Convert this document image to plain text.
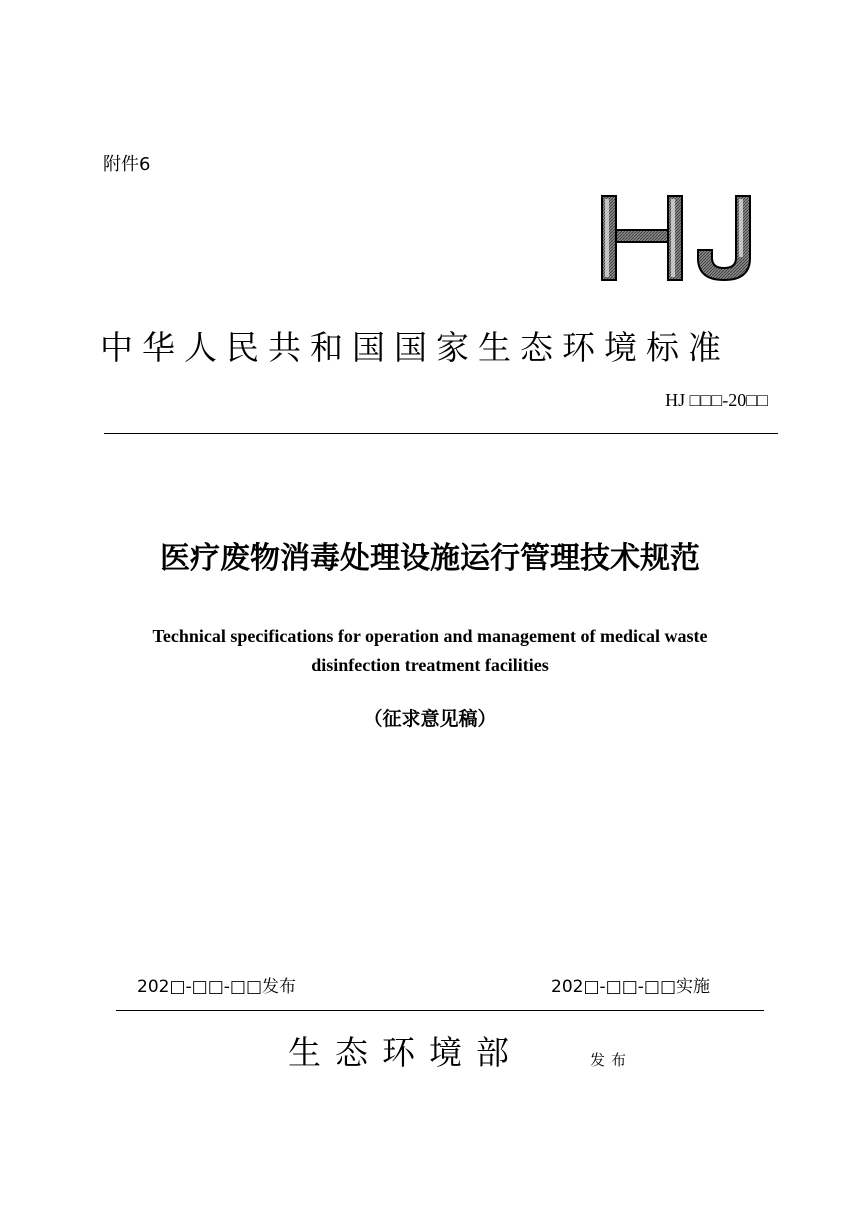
附件6
中华人民共和国国家生态环境标准
HJ □□□-20□□
医疗废物消毒处理设施运行管理技术规范
Technical specifications for operation and management of medical waste
disinfection treatment facilities
（征求意见稿）
202□-□□-□□发布	202□-□□-□□实施
生态环境部	发布
